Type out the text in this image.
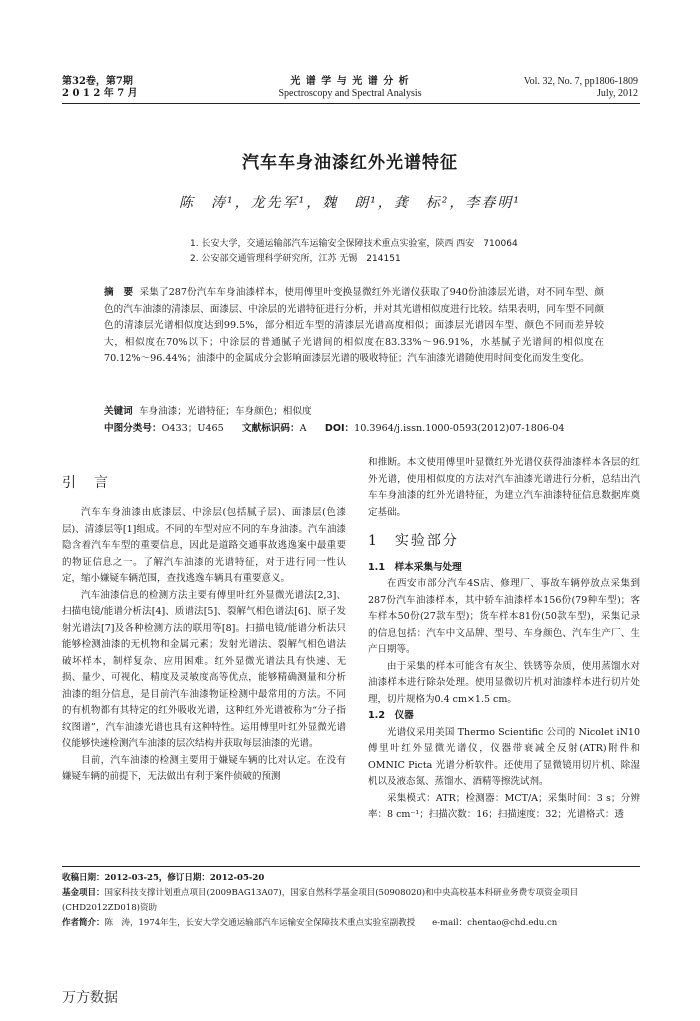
第32卷，第7期
2 0 1 2 年 7 月
光 谱 学 与 光 谱 分 析
Spectroscopy and Spectral Analysis
Vol. 32, No. 7, pp1806-1809
July, 2012
汽车车身油漆红外光谱特征
陈　涛¹，龙先军¹，魏　朗¹，龚　标²，李春明¹
1. 长安大学，交通运输部汽车运输安全保障技术重点实验室，陕西 西安　710064
2. 公安部交通管理科学研究所，江苏 无锡　214151
摘　要 采集了287份汽车车身油漆样本，使用傅里叶变换显微红外光谱仪获取了940份油漆层光谱，对不同车型、颜色的汽车油漆的清漆层、面漆层、中涂层的光谱特征进行分析，并对其光谱相似度进行比较。结果表明，同车型不同颜色的清漆层光谱相似度达到99.5%，部分相近车型的清漆层光谱高度相似；面漆层光谱因车型、颜色不同而差异较大，相似度在70%以下；中涂层的普通腻子光谱间的相似度在83.33%～96.91%，水基腻子光谱间的相似度在70.12%～96.44%；油漆中的金属成分会影响面漆层光谱的吸收特征；汽车油漆光谱随使用时间变化而发生变化。
关键词 车身油漆；光谱特征；车身颜色；相似度
中图分类号：O433；U465 文献标识码：A DOI：10.3964/j.issn.1000-0593(2012)07-1806-04
引　言

汽车车身油漆由底漆层、中涂层(包括腻子层)、面漆层(色漆层)、清漆层等[1]组成。不同的车型对应不同的车身油漆。汽车油漆隐含着汽车车型的重要信息，因此是道路交通事故逃逸案中最重要的物证信息之一。了解汽车油漆的光谱特征，对于进行同一性认定，缩小嫌疑车辆范围，查找逃逸车辆具有重要意义。

汽车油漆信息的检测方法主要有傅里叶红外显微光谱法[2,3]、扫描电镜/能谱分析法[4]、质谱法[5]、裂解气相色谱法[6]、原子发射光谱法[7]及各种检测方法的联用等[8]。扫描电镜/能谱分析法只能够检测油漆的无机物和金属元素；发射光谱法、裂解气相色谱法破坏样本，制样复杂、应用困难。红外显微光谱法具有快速、无损、量少、可视化、精度及灵敏度高等优点，能够精确测量和分析油漆的组分信息，是目前汽车油漆物证检测中最常用的方法。不同的有机物都有其特定的红外吸收光谱，这种红外光谱被称为“分子指纹图谱”，汽车油漆光谱也具有这种特性。运用傅里叶红外显微光谱仪能够快速检测汽车油漆的层次结构并获取每层油漆的光谱。

目前，汽车油漆的检测主要用于嫌疑车辆的比对认定。在没有嫌疑车辆的前提下，无法做出有利于案件侦破的预测

和推断。本文使用傅里叶显微红外光谱仪获得油漆样本各层的红外光谱，使用相似度的方法对汽车油漆光谱进行分析，总结出汽车车身油漆的红外光谱特征，为建立汽车油漆特征信息数据库奠定基础。

1　实验部分
1.1　样本采集与处理

在西安市部分汽车4S店、修理厂、事故车辆停放点采集到287份汽车油漆样本，其中轿车油漆样本156份(79种车型)；客车样本50份(27款车型)；货车样本81份(50款车型)，采集记录的信息包括：汽车中文品牌、型号、车身颜色、汽车生产厂、生产日期等。

由于采集的样本可能含有灰尘、铁锈等杂质，使用蒸馏水对油漆样本进行除杂处理。使用显微切片机对油漆样本进行切片处理，切片规格为0.4 cm×1.5 cm。

1.2　仪器

光谱仪采用美国 Thermo Scientific 公司的 Nicolet iN10 傅里叶红外显微光谱仪，仪器带衰减全反射(ATR)附件和 OMNIC Picta 光谱分析软件。还使用了显微镜用切片机、除湿机以及液态氮、蒸馏水、酒精等擦洗试剂。

采集模式：ATR；检测器：MCT/A；采集时间：3 s；分辨率：8 cm⁻¹；扫描次数：16；扫描速度：32；光谱格式：透

收稿日期：2012-03-25，修订日期：2012-05-20
基金项目：国家科技支撑计划重点项目(2009BAG13A07)，国家自然科学基金项目(50908020)和中央高校基本科研业务费专项资金项目(CHD2012ZD018)资助
作者简介：陈　涛，1974年生，长安大学交通运输部汽车运输安全保障技术重点实验室副教授　　e-mail：chentao@chd.edu.cn
万方数据
